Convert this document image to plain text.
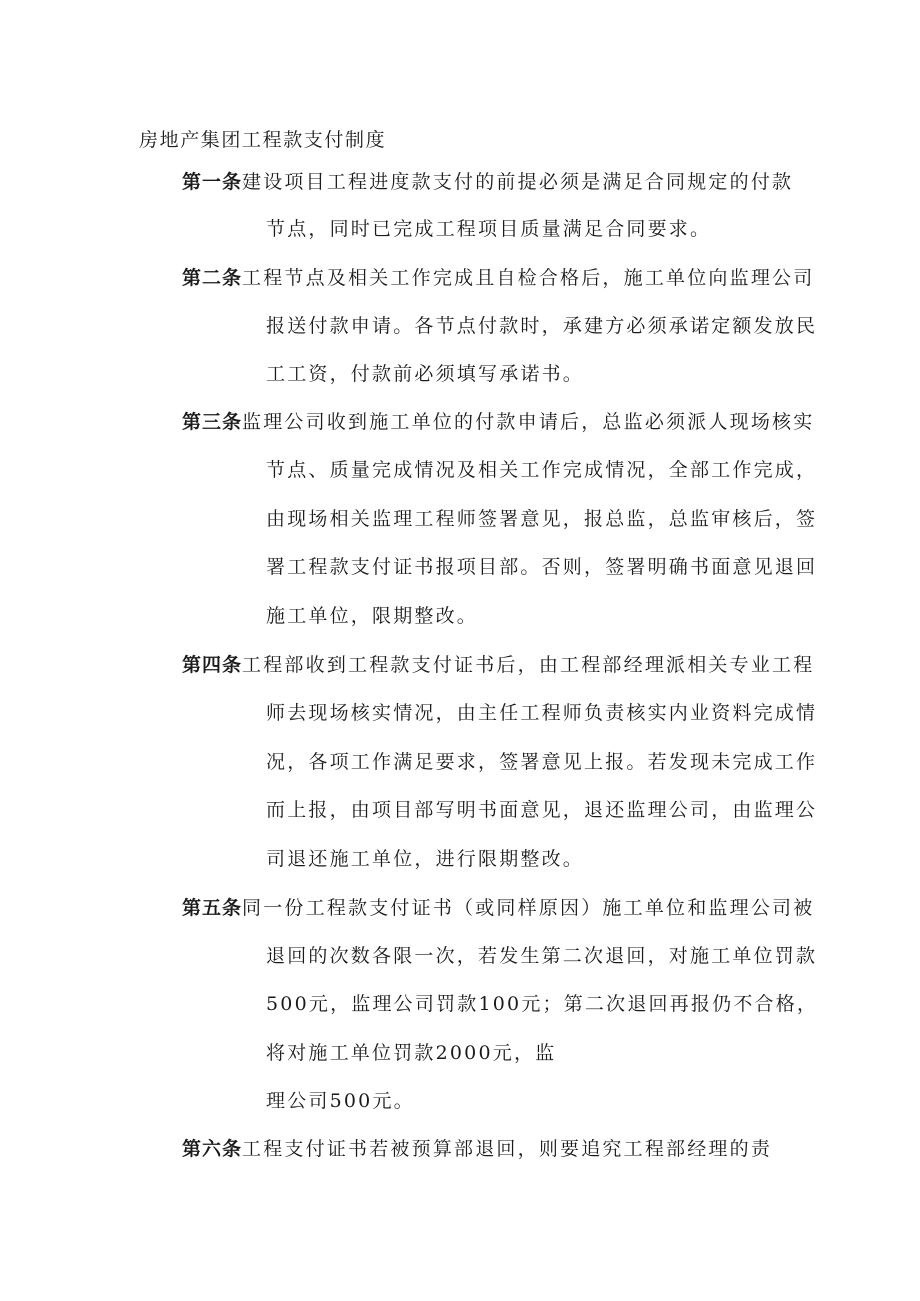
房地产集团工程款支付制度
第一条建设项目工程进度款支付的前提必须是满足合同规定的付款
节点，同时已完成工程项目质量满足合同要求。
第二条工程节点及相关工作完成且自检合格后，施工单位向监理公司
报送付款申请。各节点付款时，承建方必须承诺定额发放民
工工资，付款前必须填写承诺书。
第三条监理公司收到施工单位的付款申请后，总监必须派人现场核实
节点、质量完成情况及相关工作完成情况，全部工作完成，
由现场相关监理工程师签署意见，报总监，总监审核后，签
署工程款支付证书报项目部。否则，签署明确书面意见退回
施工单位，限期整改。
第四条工程部收到工程款支付证书后，由工程部经理派相关专业工程
师去现场核实情况，由主任工程师负责核实内业资料完成情
况，各项工作满足要求，签署意见上报。若发现未完成工作
而上报，由项目部写明书面意见，退还监理公司，由监理公
司退还施工单位，进行限期整改。
第五条同一份工程款支付证书（或同样原因）施工单位和监理公司被
退回的次数各限一次，若发生第二次退回，对施工单位罚款
500元，监理公司罚款100元；第二次退回再报仍不合格，
将对施工单位罚款2000元，监
理公司500元。
第六条工程支付证书若被预算部退回，则要追究工程部经理的责
